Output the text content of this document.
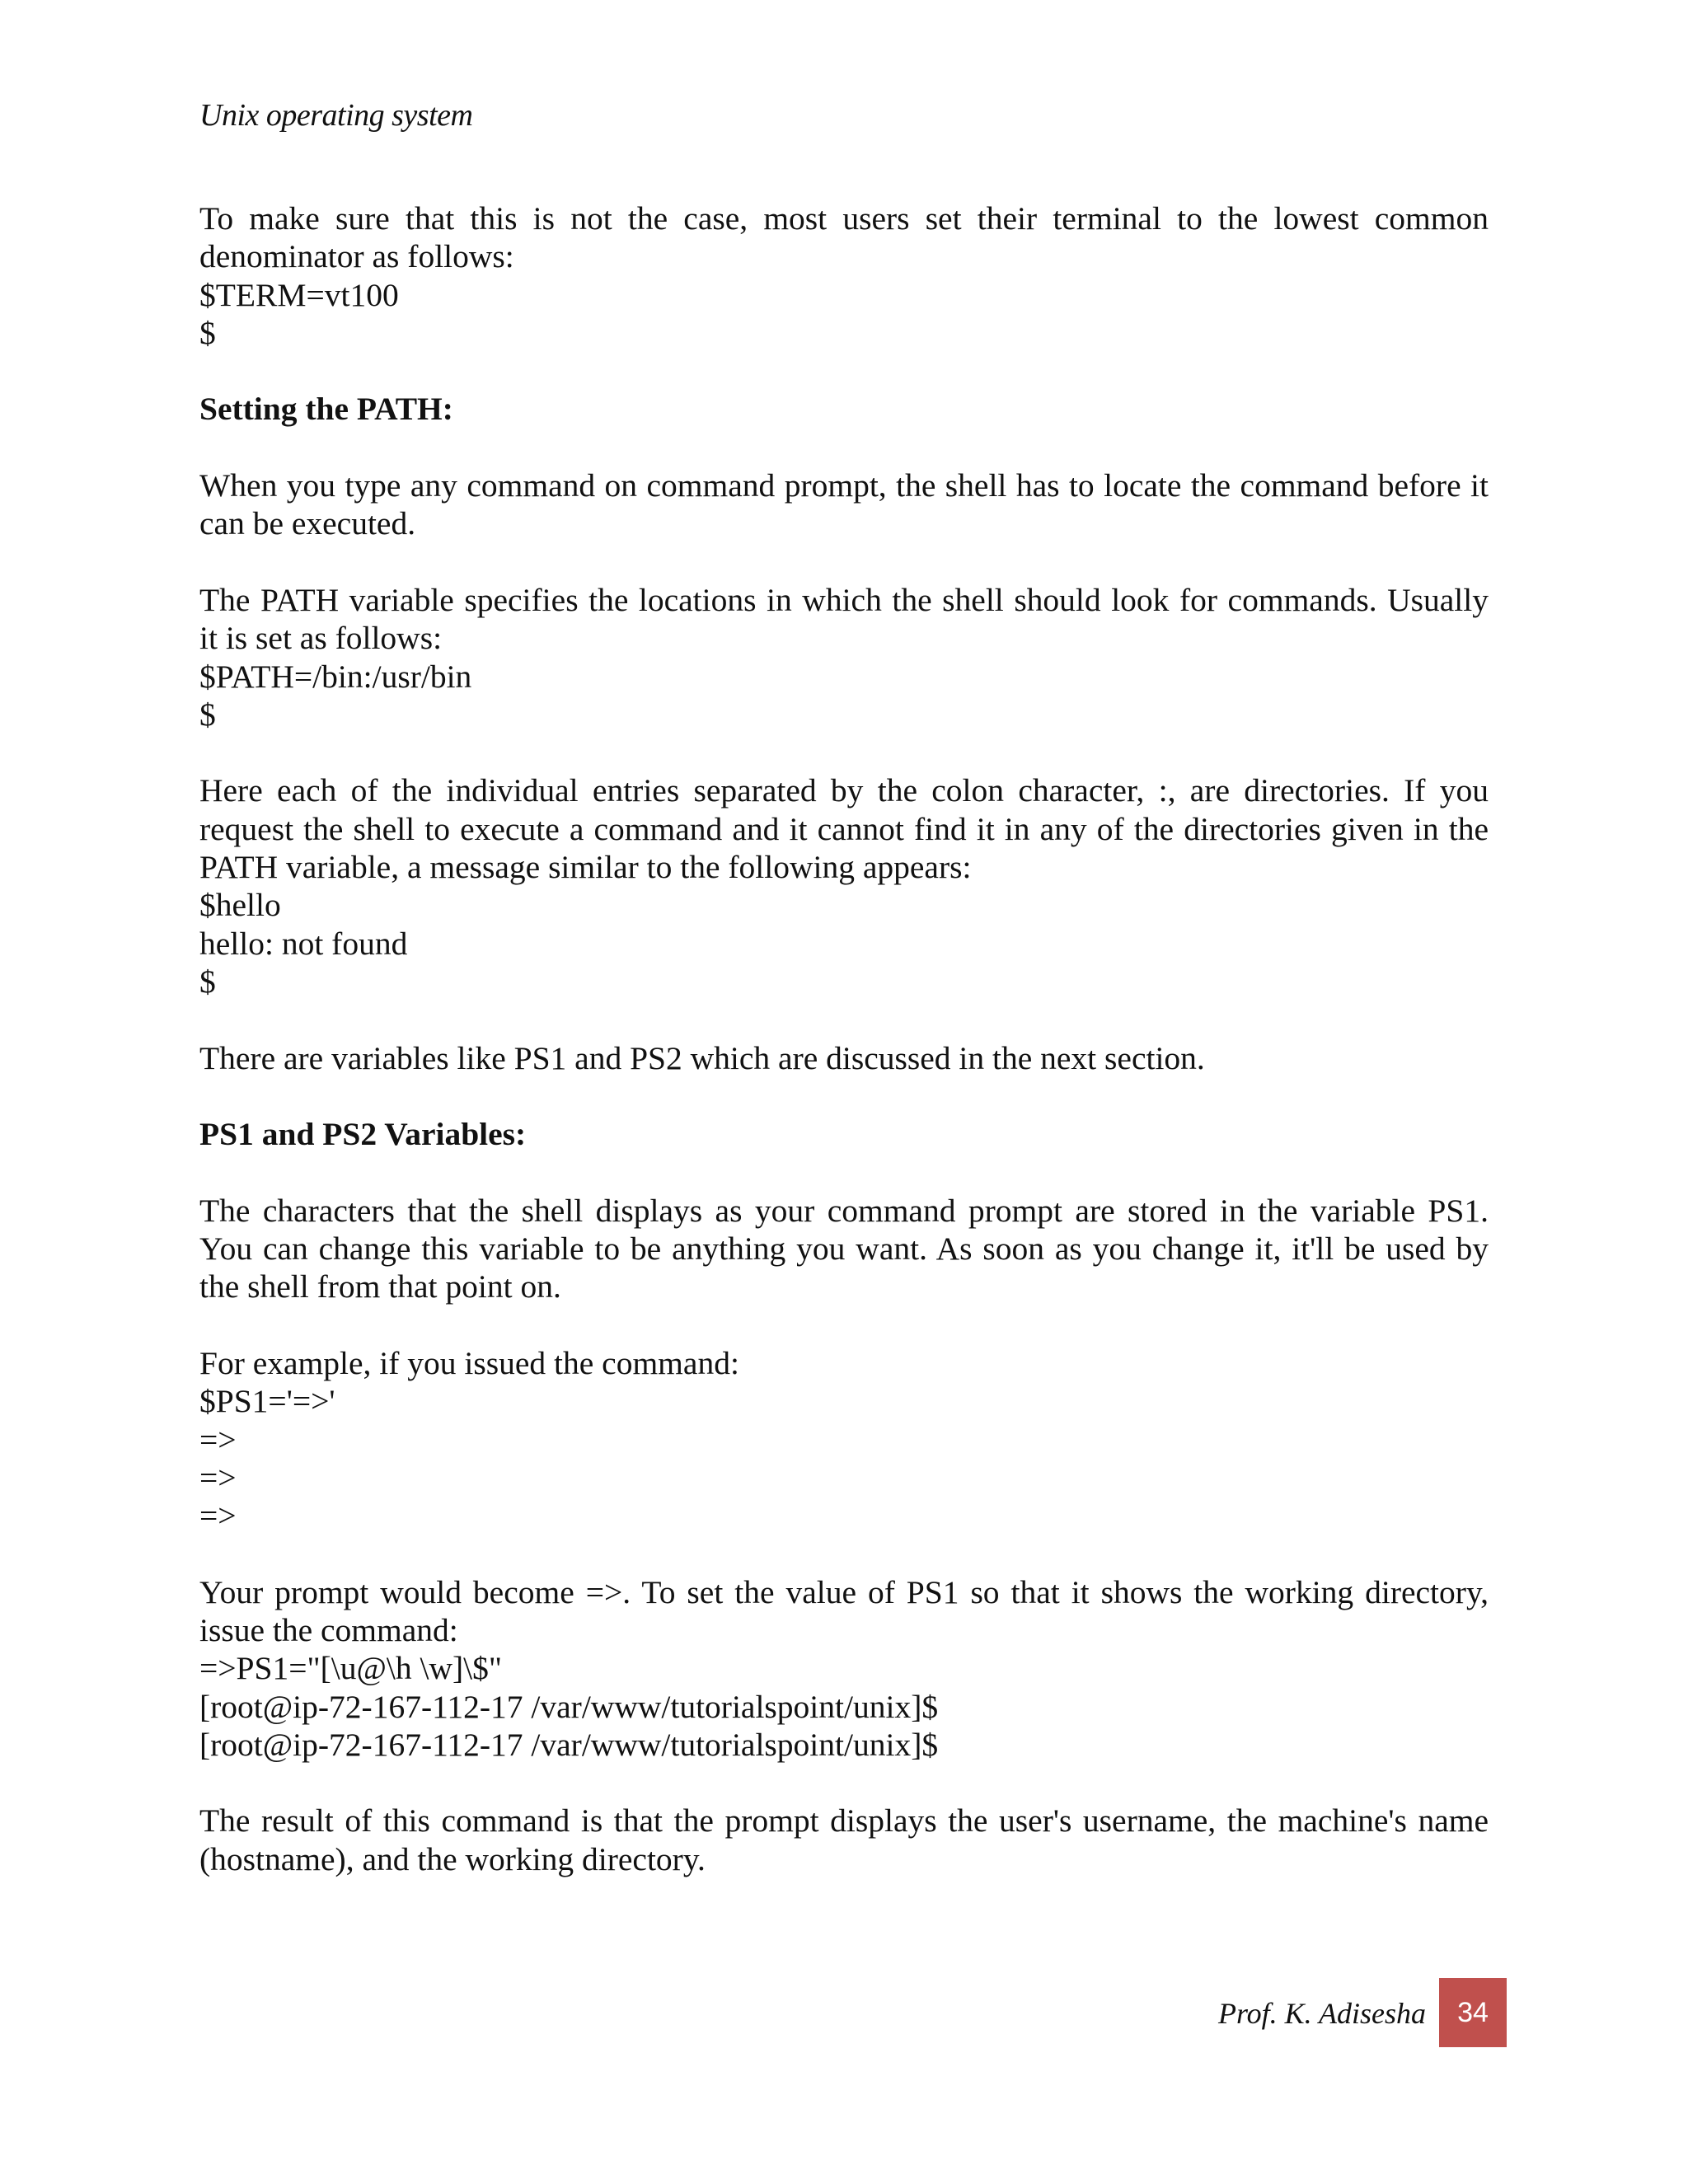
Unix operating system
To make sure that this is not the case, most users set their terminal to the lowest common
denominator as follows:
$TERM=vt100
$
Setting the PATH:
When you type any command on command prompt, the shell has to locate the command before it
can be executed.
The PATH variable specifies the locations in which the shell should look for commands. Usually
it is set as follows:
$PATH=/bin:/usr/bin
$
Here each of the individual entries separated by the colon character, :, are directories. If you
request the shell to execute a command and it cannot find it in any of the directories given in the
PATH variable, a message similar to the following appears:
$hello
hello: not found
$
There are variables like PS1 and PS2 which are discussed in the next section.
PS1 and PS2 Variables:
The characters that the shell displays as your command prompt are stored in the variable PS1.
You can change this variable to be anything you want. As soon as you change it, it'll be used by
the shell from that point on.
For example, if you issued the command:
$PS1='=>'
=>
=>
=>
Your prompt would become =>. To set the value of PS1 so that it shows the working directory,
issue the command:
=>PS1="[\u@\h \w]\$"
[root@ip-72-167-112-17 /var/www/tutorialspoint/unix]$
[root@ip-72-167-112-17 /var/www/tutorialspoint/unix]$
The result of this command is that the prompt displays the user's username, the machine's name
(hostname), and the working directory.
Prof. K. Adisesha	34
